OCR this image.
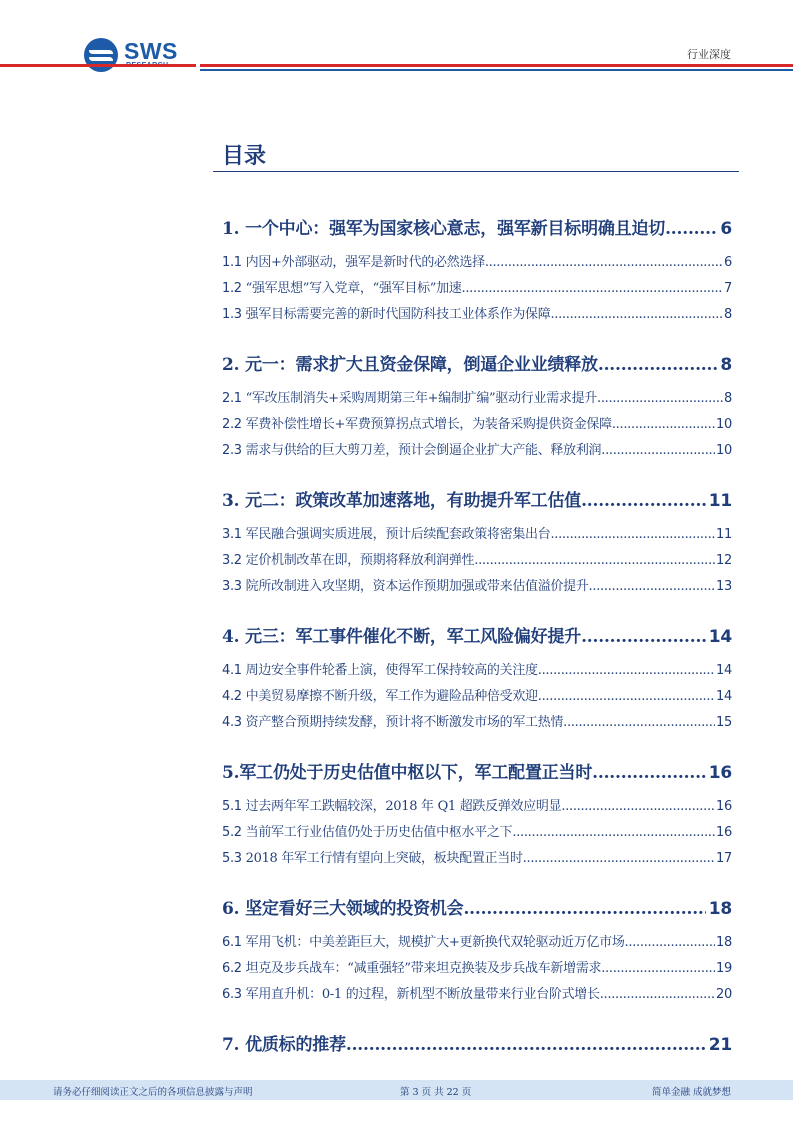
SWS	行业深度
目录
1. 一个中心：强军为国家核心意志，强军新目标明确且迫切 .....	6
1.1 内因+外部驱动，强军是新时代的必然选择 .....	6
1.2 “强军思想”写入党章，“强军目标”加速 .....	7
1.3 强军目标需要完善的新时代国防科技工业体系作为保障 .....	8
2. 元一：需求扩大且资金保障，倒逼企业业绩释放 .....	8
2.1 “军改压制消失+采购周期第三年+编制扩编”驱动行业需求提升 .....	8
2.2 军费补偿性增长+军费预算拐点式增长，为装备采购提供资金保障 .....	10
2.3 需求与供给的巨大剪刀差，预计会倒逼企业扩大产能、释放利润 .....	10
3. 元二：政策改革加速落地，有助提升军工估值 .....	11
3.1 军民融合强调实质进展，预计后续配套政策将密集出台 .....	11
3.2 定价机制改革在即，预期将释放利润弹性 .....	12
3.3 院所改制进入攻坚期，资本运作预期加强或带来估值溢价提升 .....	13
4. 元三：军工事件催化不断，军工风险偏好提升 .....	14
4.1 周边安全事件轮番上演，使得军工保持较高的关注度 .....	14
4.2 中美贸易摩擦不断升级，军工作为避险品种倍受欢迎 .....	14
4.3 资产整合预期持续发酵，预计将不断激发市场的军工热情 .....	15
5.军工仍处于历史估值中枢以下，军工配置正当时 .....	16
5.1 过去两年军工跌幅较深，2018 年 Q1 超跌反弹效应明显 .....	16
5.2 当前军工行业估值仍处于历史估值中枢水平之下 .....	16
5.3 2018 年军工行情有望向上突破，板块配置正当时 .....	17
6. 坚定看好三大领域的投资机会 .....	18
6.1 军用飞机：中美差距巨大，规模扩大+更新换代双轮驱动近万亿市场 .....	18
6.2 坦克及步兵战车：“减重强轻”带来坦克换装及步兵战车新增需求 .....	19
6.3 军用直升机：0-1 的过程，新机型不断放量带来行业台阶式增长 .....	20
7. 优质标的推荐 .....	21
请务必仔细阅读正文之后的各项信息披露与声明	第 3 页 共 22 页	简单金融 成就梦想
